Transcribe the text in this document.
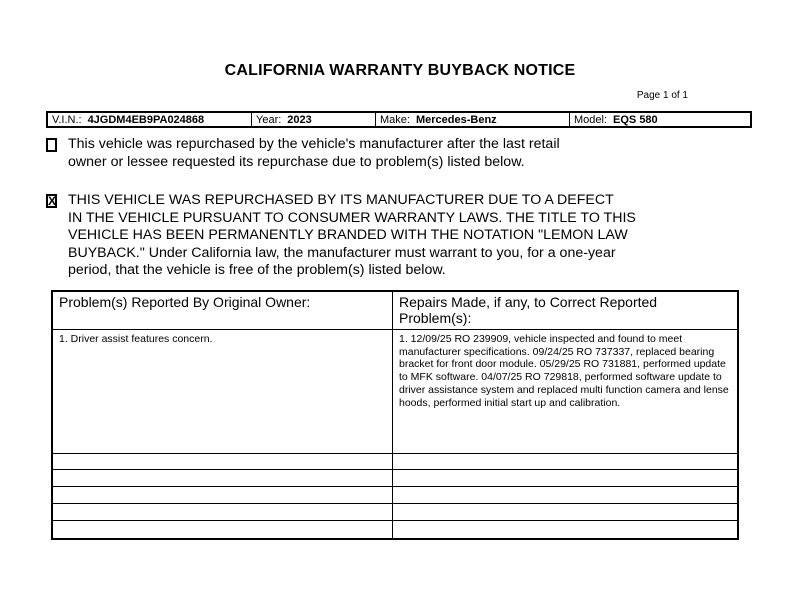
CALIFORNIA WARRANTY BUYBACK NOTICE
Page 1 of 1
V.I.N.: 4JGDM4EB9PA024868	Year: 2023	Make: Mercedes-Benz	Model: EQS 580
This vehicle was repurchased by the vehicle's manufacturer after the last retail
owner or lessee requested its repurchase due to problem(s) listed below.
X THIS VEHICLE WAS REPURCHASED BY ITS MANUFACTURER DUE TO A DEFECT
IN THE VEHICLE PURSUANT TO CONSUMER WARRANTY LAWS. THE TITLE TO THIS
VEHICLE HAS BEEN PERMANENTLY BRANDED WITH THE NOTATION "LEMON LAW
BUYBACK." Under California law, the manufacturer must warrant to you, for a one-year
period, that the vehicle is free of the problem(s) listed below.
Problem(s) Reported By Original Owner:	Repairs Made, if any, to Correct Reported Problem(s):
1. Driver assist features concern.	1. 12/09/25 RO 239909, vehicle inspected and found to meet manufacturer specifications. 09/24/25 RO 737337, replaced bearing bracket for front door module. 05/29/25 RO 731881, performed update to MFK software. 04/07/25 RO 729818, performed software update to driver assistance system and replaced multi function camera and lense hoods, performed initial start up and calibration.
